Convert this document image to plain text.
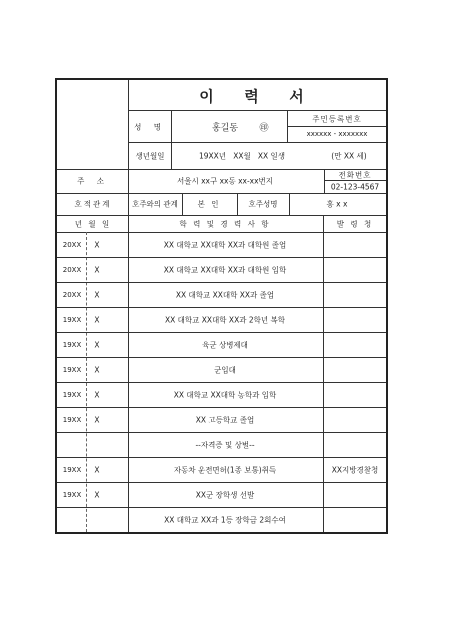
이 력 서
성 명	홍길동 ㊞
주민등록번호
xxxxxx - xxxxxxx
생년월일	19XX년   XX월   XX 일생	(만 XX 세)
주 소	서울시 xx구 xx동 xx-xx번지
전화번호
02-123-4567
호적관계	호주와의 관계	본 인	호주성명	홍 x x
년 월 일	학 력 및 경 력 사 항	발 령 청
20XX X	XX 대학교 XX대학 XX과 대학원 졸업
20XX X	XX 대학교 XX대학 XX과 대학원 입학
20XX X	XX 대학교 XX대학 XX과 졸업
19XX X	XX 대학교 XX대학 XX과 2학년 복학
19XX X	육군 상병제대
19XX X	군입대
19XX X	XX 대학교 XX대학 농학과 입학
19XX X	XX 고등학교 졸업
--자격증 및 상벌--
19XX X	자동차 운전면허(1종 보통)취득	XX지방경찰청
19XX X	XX군 장학생 선발
XX 대학교 XX과 1등 장학금 2회수여
